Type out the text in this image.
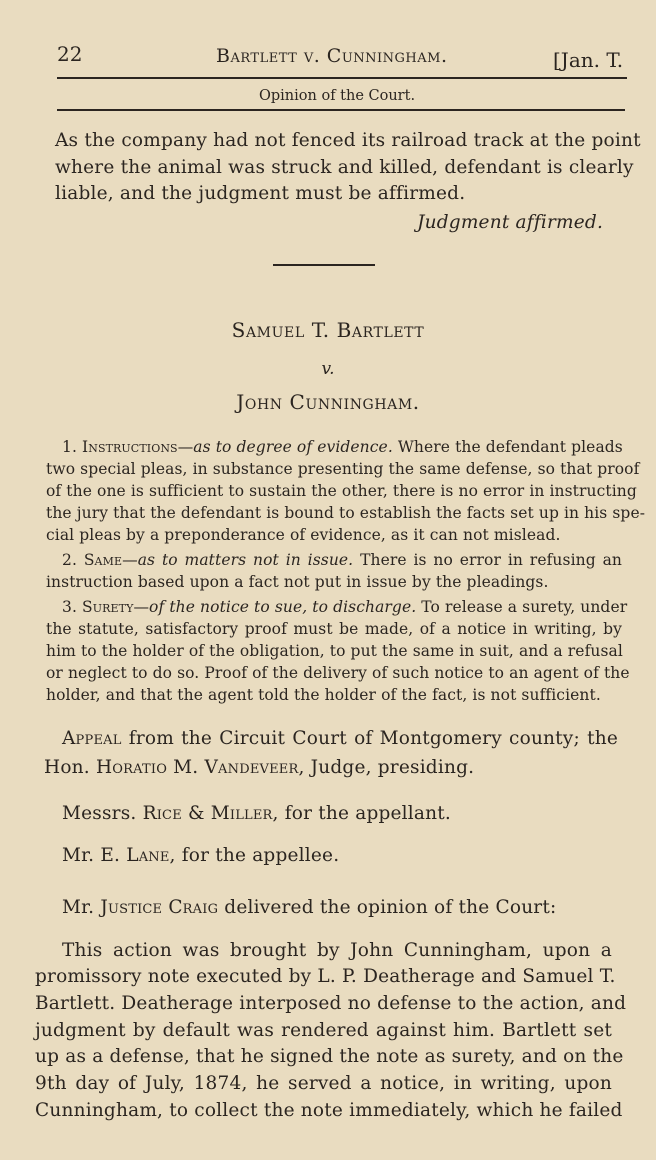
22	Bartlett v. Cunningham.	[Jan. T.
Opinion of the Court.
As the company had not fenced its railroad track at the point
where the animal was struck and killed, defendant is clearly
liable, and the judgment must be affirmed.
Judgment affirmed.
Samuel T. Bartlett
v.
John Cunningham.
1. Instructions—as to degree of evidence. Where the defendant pleads
two special pleas, in substance presenting the same defense, so that proof
of the one is sufficient to sustain the other, there is no error in instructing
the jury that the defendant is bound to establish the facts set up in his spe-
cial pleas by a preponderance of evidence, as it can not mislead.
2. Same—as to matters not in issue. There is no error in refusing an
instruction based upon a fact not put in issue by the pleadings.
3. Surety—of the notice to sue, to discharge. To release a surety, under
the statute, satisfactory proof must be made, of a notice in writing, by
him to the holder of the obligation, to put the same in suit, and a refusal
or neglect to do so. Proof of the delivery of such notice to an agent of the
holder, and that the agent told the holder of the fact, is not sufficient.
Appeal from the Circuit Court of Montgomery county; the
Hon. Horatio M. Vandeveer, Judge, presiding.
Messrs. Rice & Miller, for the appellant.
Mr. E. Lane, for the appellee.
Mr. Justice Craig delivered the opinion of the Court:
This action was brought by John Cunningham, upon a
promissory note executed by L. P. Deatherage and Samuel T.
Bartlett. Deatherage interposed no defense to the action, and
judgment by default was rendered against him. Bartlett set
up as a defense, that he signed the note as surety, and on the
9th day of July, 1874, he served a notice, in writing, upon
Cunningham, to collect the note immediately, which he failed
